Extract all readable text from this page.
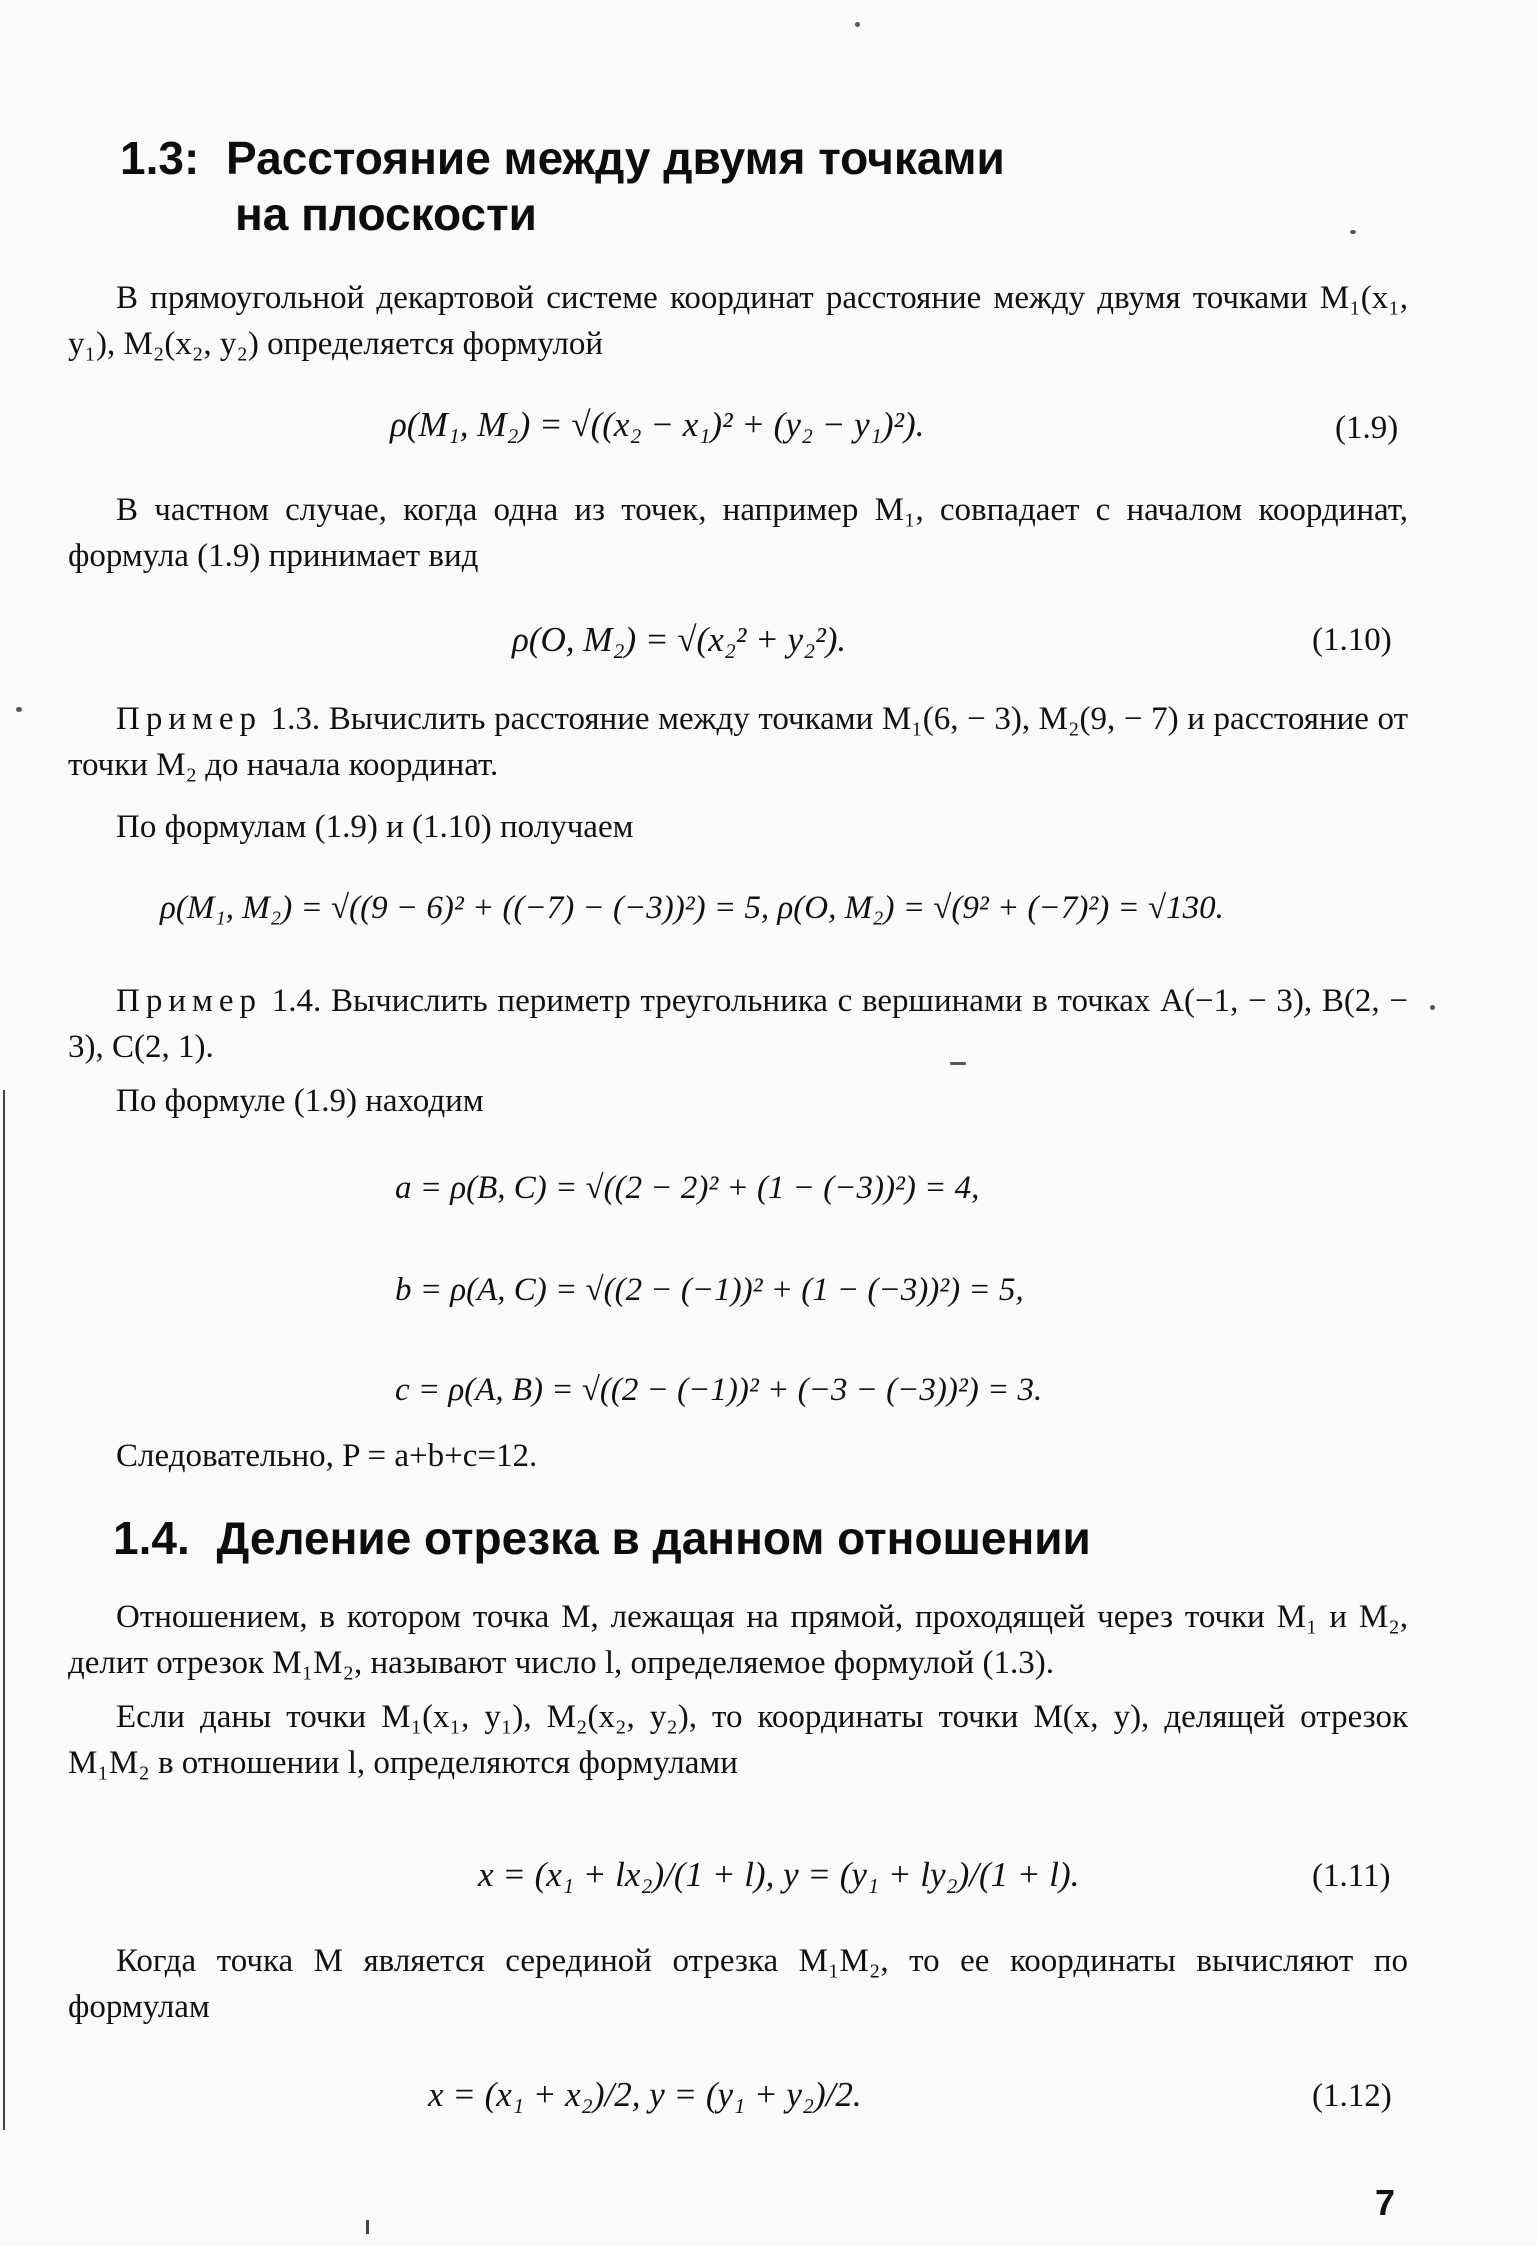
1.3: Расстояние между двумя точками
на плоскости
В прямоугольной декартовой системе координат расстояние между двумя точками M₁(x₁, y₁), M₂(x₂, y₂) определяется формулой
ρ(M₁, M₂) = √((x₂ − x₁)² + (y₂ − y₁)²).	(1.9)
В частном случае, когда одна из точек, например M₁, совпадает с началом координат, формула (1.9) принимает вид
ρ(O, M₂) = √(x₂² + y₂²).	(1.10)
Пример 1.3. Вычислить расстояние между точками M₁(6, − 3), M₂(9, − 7) и расстояние от точки M₂ до начала координат.
По формулам (1.9) и (1.10) получаем
ρ(M₁, M₂) = √((9 − 6)² + ((−7) − (−3))²) = 5, ρ(O, M₂) = √(9² + (−7)²) = √130.
Пример 1.4. Вычислить периметр треугольника с вершинами в точках A(−1, − 3), B(2, − 3), C(2, 1).
По формуле (1.9) находим
a = ρ(B, C) = √((2 − 2)² + (1 − (−3))²) = 4,
b = ρ(A, C) = √((2 − (−1))² + (1 − (−3))²) = 5,
c = ρ(A, B) = √((2 − (−1))² + (−3 − (−3))²) = 3.
Следовательно, P = a+b+c=12.
1.4. Деление отрезка в данном отношении
Отношением, в котором точка M, лежащая на прямой, проходящей через точки M₁ и M₂, делит отрезок M₁M₂, называют число l, определяемое формулой (1.3).
Если даны точки M₁(x₁, y₁), M₂(x₂, y₂), то координаты точки M(x, y), делящей отрезок M₁M₂ в отношении l, определяются формулами
x = (x₁ + lx₂)/(1 + l), y = (y₁ + ly₂)/(1 + l).	(1.11)
Когда точка M является серединой отрезка M₁M₂, то ее координаты вычисляют по формулам
x = (x₁ + x₂)/2, y = (y₁ + y₂)/2.	(1.12)
7
